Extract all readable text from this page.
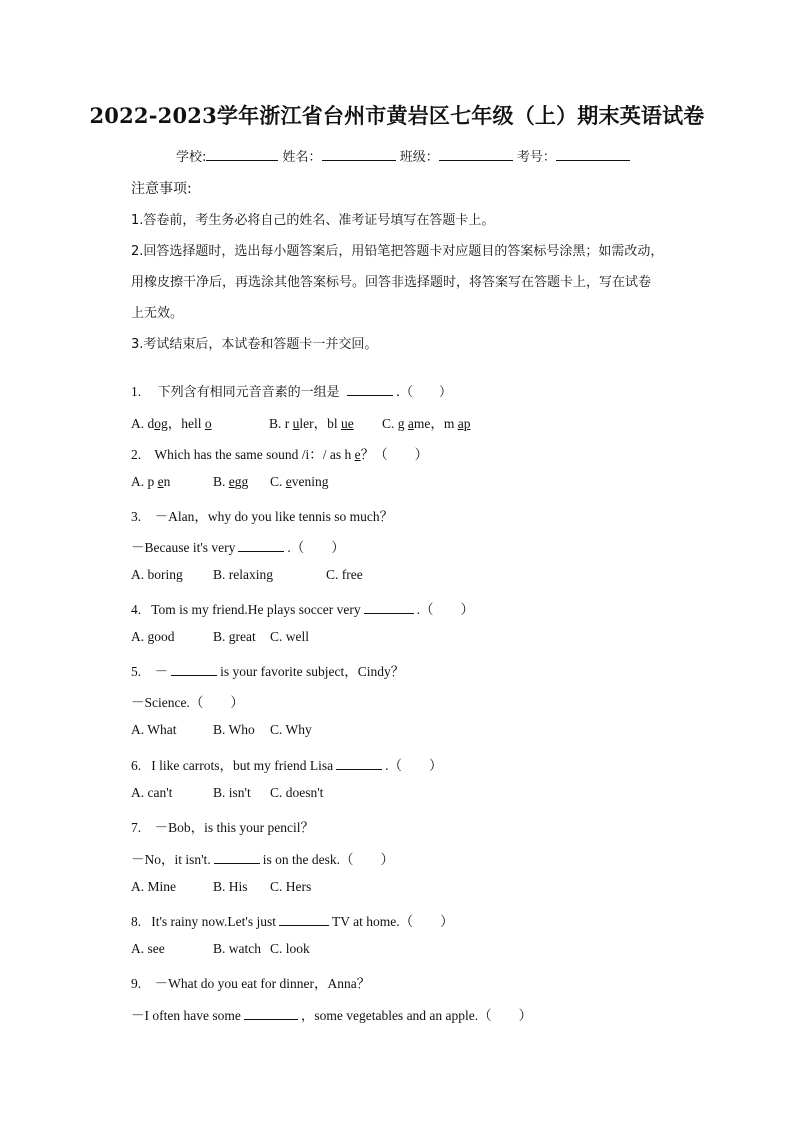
2022-2023学年浙江省台州市黄岩区七年级（上）期末英语试卷
学校:	姓名：	班级：	考号：
注意事项:
1.答卷前，考生务必将自己的姓名、准考证号填写在答题卡上。
2.回答选择题时，选出每小题答案后，用铅笔把答题卡对应题目的答案标号涂黑；如需改动，
用橡皮擦干净后，再选涂其他答案标号。回答非选择题时，将答案写在答题卡上，写在试卷
上无效。
3.考试结束后，本试卷和答题卡一并交回。
1. 下列含有相同元音音素的一组是	.（　　）
A. dog，hell o	B. r uler，bl ue C. g ame，m ap
2. Which has the same sound /i：/ as h e？（　　）
A. p en	B. egg C. evening
3. －Alan，why do you like tennis so much？
－Because it's very	.（　　）
A. boring B. relaxing	C. free
4. Tom is my friend.He plays soccer very	.（　　）
A. good	B. great C. well
5. －	is your favorite subject，Cindy？
－Science.（　　）
A. What	B. Who C. Why
6. I like carrots，but my friend Lisa	.（　　）
A. can't	B. isn't C. doesn't
7. －Bob，is this your pencil？
－No，it isn't.	is on the desk.（　　）
A. Mine	B. His C. Hers
8. It's rainy now.Let's just	TV at home.（　　）
A. see	B. watch C. look
9. －What do you eat for dinner，Anna？
－I often have some	，some vegetables and an apple.（　　）
